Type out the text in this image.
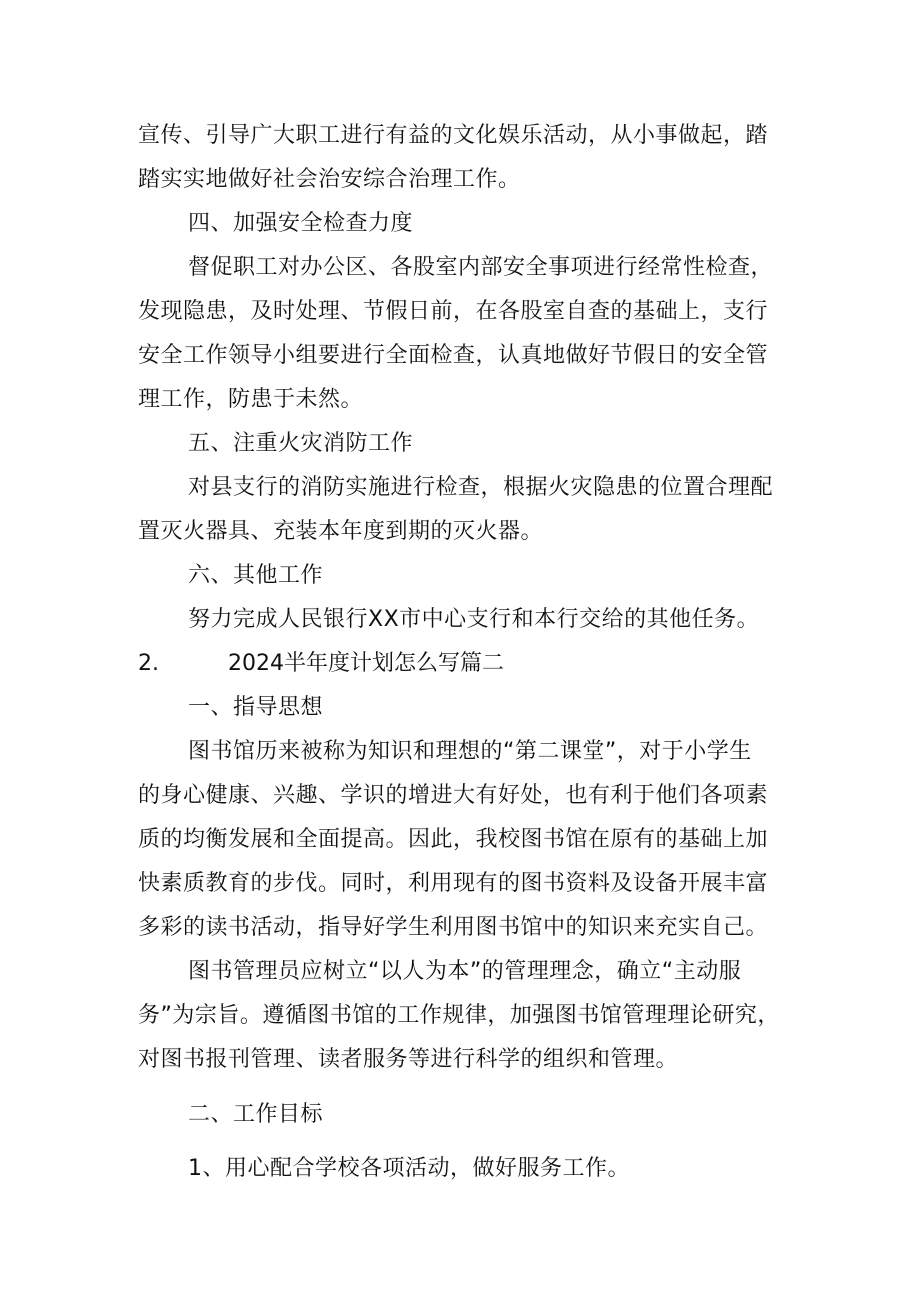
宣传、引导广大职工进行有益的文化娱乐活动，从小事做起，踏
踏实实地做好社会治安综合治理工作。
四、加强安全检查力度
督促职工对办公区、各股室内部安全事项进行经常性检查，
发现隐患，及时处理、节假日前，在各股室自查的基础上，支行
安全工作领导小组要进行全面检查，认真地做好节假日的安全管
理工作，防患于未然。
五、注重火灾消防工作
对县支行的消防实施进行检查，根据火灾隐患的位置合理配
置灭火器具、充装本年度到期的灭火器。
六、其他工作
努力完成人民银行XX市中心支行和本行交给的其他任务。
2.	2024半年度计划怎么写篇二
一、指导思想
图书馆历来被称为知识和理想的“第二课堂”，对于小学生
的身心健康、兴趣、学识的增进大有好处，也有利于他们各项素
质的均衡发展和全面提高。因此，我校图书馆在原有的基础上加
快素质教育的步伐。同时，利用现有的图书资料及设备开展丰富
多彩的读书活动，指导好学生利用图书馆中的知识来充实自己。
图书管理员应树立“以人为本”的管理理念，确立“主动服
务”为宗旨。遵循图书馆的工作规律，加强图书馆管理理论研究，
对图书报刊管理、读者服务等进行科学的组织和管理。
二、工作目标
1、用心配合学校各项活动，做好服务工作。
